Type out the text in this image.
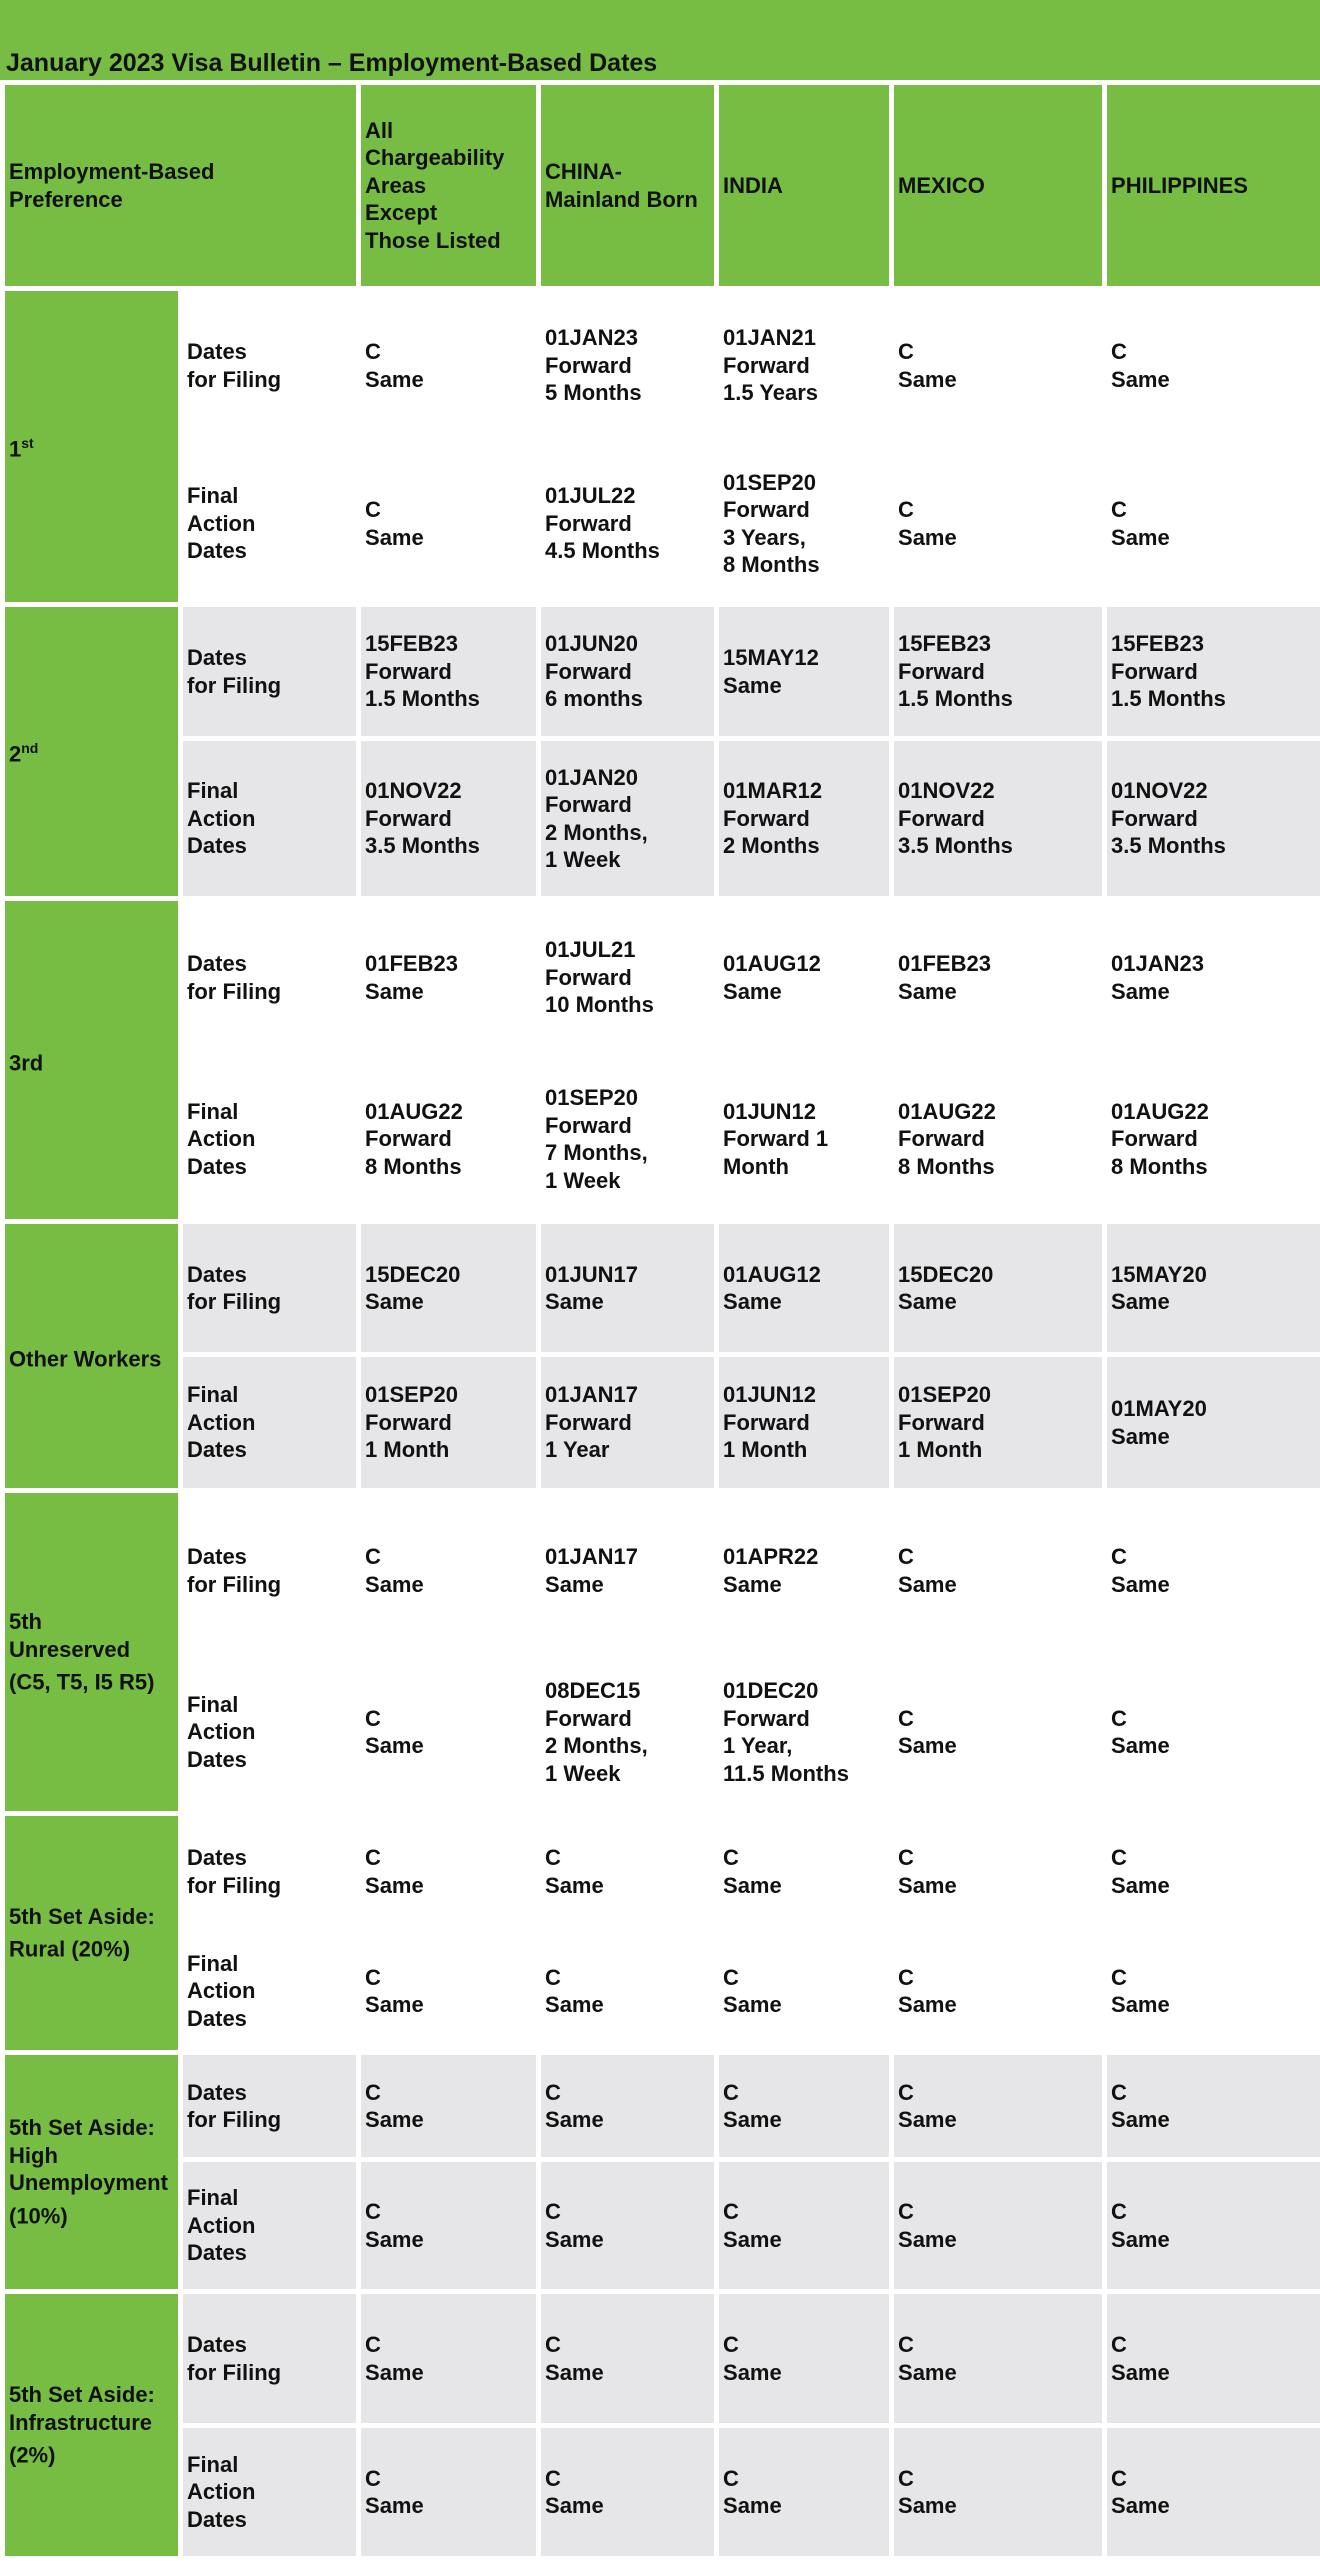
January 2023 Visa Bulletin – Employment-Based Dates
Employment-Based
Preference		All
Chargeability
Areas
Except
Those Listed	CHINA-
Mainland Born	INDIA	MEXICO	PHILIPPINES
1st	Dates
for Filing	C
Same	01JAN23
Forward
5 Months	01JAN21
Forward
1.5 Years	C
Same	C
Same
	Final
Action
Dates	C
Same	01JUL22
Forward
4.5 Months	01SEP20
Forward
3 Years,
8 Months	C
Same	C
Same
2nd	Dates
for Filing	15FEB23
Forward
1.5 Months	01JUN20
Forward
6 months	15MAY12
Same	15FEB23
Forward
1.5 Months	15FEB23
Forward
1.5 Months
	Final
Action
Dates	01NOV22
Forward
3.5 Months	01JAN20
Forward
2 Months,
1 Week	01MAR12
Forward
2 Months	01NOV22
Forward
3.5 Months	01NOV22
Forward
3.5 Months
3rd	Dates
for Filing	01FEB23
Same	01JUL21
Forward
10 Months	01AUG12
Same	01FEB23
Same	01JAN23
Same
	Final
Action
Dates	01AUG22
Forward
8 Months	01SEP20
Forward
7 Months,
1 Week	01JUN12
Forward 1
Month	01AUG22
Forward
8 Months	01AUG22
Forward
8 Months
Other Workers	Dates
for Filing	15DEC20
Same	01JUN17
Same	01AUG12
Same	15DEC20
Same	15MAY20
Same
	Final
Action
Dates	01SEP20
Forward
1 Month	01JAN17
Forward
1 Year	01JUN12
Forward
1 Month	01SEP20
Forward
1 Month	01MAY20
Same
5th
Unreserved
(C5, T5, I5 R5)	Dates
for Filing	C
Same	01JAN17
Same	01APR22
Same	C
Same	C
Same
	Final
Action
Dates	C
Same	08DEC15
Forward
2 Months,
1 Week	01DEC20
Forward
1 Year,
11.5 Months	C
Same	C
Same
5th Set Aside:
Rural (20%)	Dates
for Filing	C
Same	C
Same	C
Same	C
Same	C
Same
	Final
Action
Dates	C
Same	C
Same	C
Same	C
Same	C
Same
5th Set Aside:
High
Unemployment
(10%)	Dates
for Filing	C
Same	C
Same	C
Same	C
Same	C
Same
	Final
Action
Dates	C
Same	C
Same	C
Same	C
Same	C
Same
5th Set Aside:
Infrastructure
(2%)	Dates
for Filing	C
Same	C
Same	C
Same	C
Same	C
Same
	Final
Action
Dates	C
Same	C
Same	C
Same	C
Same	C
Same
